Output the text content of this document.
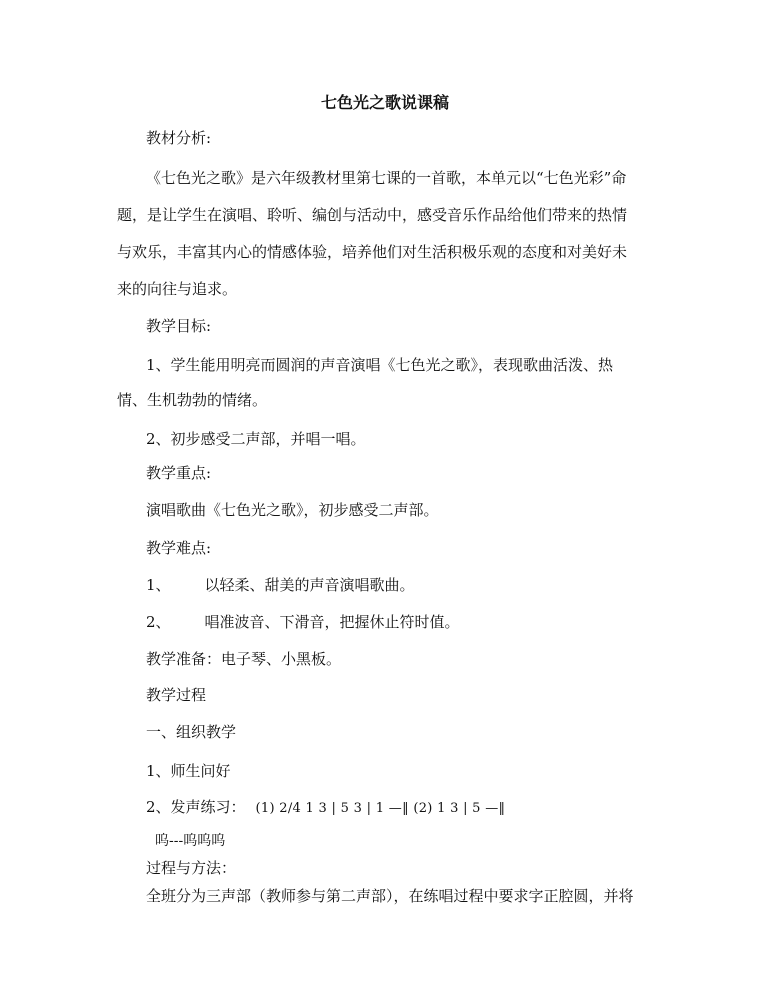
七色光之歌说课稿

教材分析:

《七色光之歌》是六年级教材里第七课的一首歌，本单元以“七色光彩”命

题，是让学生在演唱、聆听、编创与活动中，感受音乐作品给他们带来的热情

与欢乐，丰富其内心的情感体验，培养他们对生活积极乐观的态度和对美好未

来的向往与追求。

教学目标:

1、学生能用明亮而圆润的声音演唱《七色光之歌》，表现歌曲活泼、热

情、生机勃勃的情绪。

2、初步感受二声部，并唱一唱。

教学重点:

演唱歌曲《七色光之歌》，初步感受二声部。

教学难点:

1、 以轻柔、甜美的声音演唱歌曲。

2、 唱准波音、下滑音，把握休止符时值。

教学准备：电子琴、小黑板。

教学过程

一、组织教学

1、师生问好

2、发声练习： (1) 2/4 1 3 | 5 3 | 1 —‖ (2) 1 3 | 5 —‖

呜---呜呜呜

过程与方法：

全班分为三声部（教师参与第二声部），在练唱过程中要求字正腔圆，并将
